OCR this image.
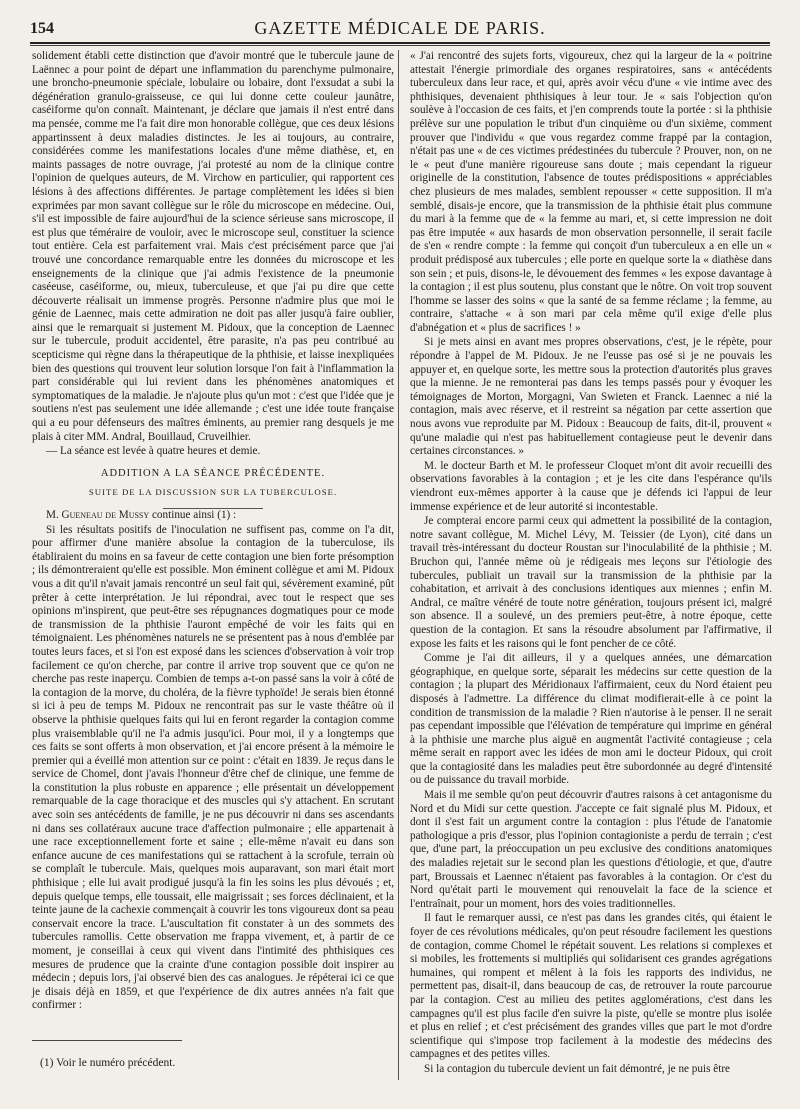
154	GAZETTE MÉDICALE DE PARIS.

solidement établi cette distinction que d'avoir montré que le tubercule jaune de Laënnec a pour point de départ une inflammation du parenchyme pulmonaire, une broncho-pneumonie spéciale, lobulaire ou lobaire, dont l'exsudat a subi la dégénération granulo-graisseuse, ce qui lui donne cette couleur jaunâtre, caséiforme qu'on connaît. Maintenant, je déclare que jamais il n'est entré dans ma pensée, comme me l'a fait dire mon honorable collègue, que ces deux lésions appartinssent à deux maladies distinctes. Je les ai toujours, au contraire, considérées comme les manifestations locales d'une même diathèse, et, en maints passages de notre ouvrage, j'ai protesté au nom de la clinique contre l'opinion de quelques auteurs, de M. Virchow en particulier, qui rapportent ces lésions à des affections différentes. Je partage complètement les idées si bien exprimées par mon savant collègue sur le rôle du microscope en médecine. Oui, s'il est impossible de faire aujourd'hui de la science sérieuse sans microscope, il est plus que téméraire de vouloir, avec le microscope seul, constituer la science tout entière. Cela est parfaitement vrai. Mais c'est précisément parce que j'ai trouvé une concordance remarquable entre les données du microscope et les enseignements de la clinique que j'ai admis l'existence de la pneumonie caséeuse, caséiforme, ou, mieux, tuberculeuse, et que j'ai pu dire que cette découverte réalisait un immense progrès. Personne n'admire plus que moi le génie de Laennec, mais cette admiration ne doit pas aller jusqu'à faire oublier, ainsi que le remarquait si justement M. Pidoux, que la conception de Laennec sur le tubercule, produit accidentel, être parasite, n'a pas peu contribué au scepticisme qui règne dans la thérapeutique de la phthisie, et laisse inexpliquées bien des questions qui trouvent leur solution lorsque l'on fait à l'inflammation la part considérable qui lui revient dans les phénomènes anatomiques et symptomatiques de la maladie. Je n'ajoute plus qu'un mot : c'est que l'idée que je soutiens n'est pas seulement une idée allemande ; c'est une idée toute française qui a eu pour défenseurs des maîtres éminents, au premier rang desquels je me plais à citer MM. Andral, Bouillaud, Cruveilhier.

— La séance est levée à quatre heures et demie.

ADDITION A LA SÉANCE PRÉCÉDENTE.
SUITE DE LA DISCUSSION SUR LA TUBERCULOSE.

M. Gueneau de Mussy continue ainsi (1) :

Si les résultats positifs de l'inoculation ne suffisent pas, comme on l'a dit, pour affirmer d'une manière absolue la contagion de la tuberculose, ils établiraient du moins en sa faveur de cette contagion une bien forte présomption ; ils démontreraient qu'elle est possible. Mon éminent collègue et ami M. Pidoux vous a dit qu'il n'avait jamais rencontré un seul fait qui, sévèrement examiné, pût prêter à cette interprétation. Je lui répondrai, avec tout le respect que ses opinions m'inspirent, que peut-être ses répugnances dogmatiques pour ce mode de transmission de la phthisie l'auront empêché de voir les faits qui en témoignaient. Les phénomènes naturels ne se présentent pas à nous d'emblée par toutes leurs faces, et si l'on est exposé dans les sciences d'observation à voir trop facilement ce qu'on cherche, par contre il arrive trop souvent que ce qu'on ne cherche pas reste inaperçu. Combien de temps a-t-on passé sans la voir à côté de la contagion de la morve, du choléra, de la fièvre typhoïde! Je serais bien étonné si ici à peu de temps M. Pidoux ne rencontrait pas sur le vaste théâtre où il observe la phthisie quelques faits qui lui en feront regarder la contagion comme plus vraisemblable qu'il ne l'a admis jusqu'ici. Pour moi, il y a longtemps que ces faits se sont offerts à mon observation, et j'ai encore présent à la mémoire le premier qui a éveillé mon attention sur ce point : c'était en 1839. Je reçus dans le service de Chomel, dont j'avais l'honneur d'être chef de clinique, une femme de la constitution la plus robuste en apparence ; elle présentait un développement remarquable de la cage thoracique et des muscles qui s'y attachent. En scrutant avec soin ses antécédents de famille, je ne pus découvrir ni dans ses ascendants ni dans ses collatéraux aucune trace d'affection pulmonaire ; elle appartenait à une race exceptionnellement forte et saine ; elle-même n'avait eu dans son enfance aucune de ces manifestations qui se rattachent à la scrofule, terrain où se complaît le tubercule. Mais, quelques mois auparavant, son mari était mort phthisique ; elle lui avait prodigué jusqu'à la fin les soins les plus dévoués ; et, depuis quelque temps, elle toussait, elle maigrissait ; ses forces déclinaient, et la teinte jaune de la cachexie commençait à couvrir les tons vigoureux dont sa peau conservait encore la trace. L'auscultation fit constater à un des sommets des tubercules ramollis. Cette observation me frappa vivement, et, à partir de ce moment, je conseillai à ceux qui vivent dans l'intimité des phthisiques ces mesures de prudence que la crainte d'une contagion possible doit inspirer au médecin ; depuis lors, j'ai observé bien des cas analogues. Je répéterai ici ce que je disais déjà en 1859, et que l'expérience de dix autres années n'a fait que confirmer :

« J'ai rencontré des sujets forts, vigoureux, chez qui la largeur de la « poitrine attestait l'énergie primordiale des organes respiratoires, sans « antécédents tuberculeux dans leur race, et qui, après avoir vécu d'une « vie intime avec des phthisiques, devenaient phthisiques à leur tour. Je « sais l'objection qu'on soulève à l'occasion de ces faits, et j'en comprends toute la portée : si la phthisie prélève sur une population le tribut d'un cinquième ou d'un sixième, comment prouver que l'individu « que vous regardez comme frappé par la contagion, n'était pas une « de ces victimes prédestinées du tubercule ? Prouver, non, on ne le « peut d'une manière rigoureuse sans doute ; mais cependant la rigueur originelle de la constitution, l'absence de toutes prédispositions « appréciables chez plusieurs de mes malades, semblent repousser « cette supposition. Il m'a semblé, disais-je encore, que la transmission de la phthisie était plus commune du mari à la femme que de « la femme au mari, et, si cette impression ne doit pas être imputée « aux hasards de mon observation personnelle, il serait facile de s'en « rendre compte : la femme qui conçoit d'un tuberculeux a en elle un « produit prédisposé aux tubercules ; elle porte en quelque sorte la « diathèse dans son sein ; et puis, disons-le, le dévouement des femmes « les expose davantage à la contagion ; il est plus soutenu, plus constant que le nôtre. On voit trop souvent l'homme se lasser des soins « que la santé de sa femme réclame ; la femme, au contraire, s'attache « à son mari par cela même qu'il exige d'elle plus d'abnégation et « plus de sacrifices ! »

Si je mets ainsi en avant mes propres observations, c'est, je le répète, pour répondre à l'appel de M. Pidoux. Je ne l'eusse pas osé si je ne pouvais les appuyer et, en quelque sorte, les mettre sous la protection d'autorités plus graves que la mienne. Je ne remonterai pas dans les temps passés pour y évoquer les témoignages de Morton, Morgagni, Van Swieten et Franck. Laennec a nié la contagion, mais avec réserve, et il restreint sa négation par cette assertion que nous avons vue reproduite par M. Pidoux : Beaucoup de faits, dit-il, prouvent « qu'une maladie qui n'est pas habituellement contagieuse peut le devenir dans certaines circonstances. »

M. le docteur Barth et M. le professeur Cloquet m'ont dit avoir recueilli des observations favorables à la contagion ; et je les cite dans l'espérance qu'ils viendront eux-mêmes apporter à la cause que je défends ici l'appui de leur immense expérience et de leur autorité si incontestable.

Je compterai encore parmi ceux qui admettent la possibilité de la contagion, notre savant collègue, M. Michel Lévy, M. Teissier (de Lyon), cité dans un travail très-intéressant du docteur Roustan sur l'inoculabilité de la phthisie ; M. Bruchon qui, l'année même où je rédigeais mes leçons sur l'étiologie des tubercules, publiait un travail sur la transmission de la phthisie par la cohabitation, et arrivait à des conclusions identiques aux miennes ; enfin M. Andral, ce maître vénéré de toute notre génération, toujours présent ici, malgré son absence. Il a soulevé, un des premiers peut-être, à notre époque, cette question de la contagion. Et sans la résoudre absolument par l'affirmative, il expose les faits et les raisons qui le font pencher de ce côté.

Comme je l'ai dit ailleurs, il y a quelques années, une démarcation géographique, en quelque sorte, séparait les médecins sur cette question de la contagion ; la plupart des Méridionaux l'affirmaient, ceux du Nord étaient peu disposés à l'admettre. La différence du climat modifierait-elle à ce point la condition de transmission de la maladie ? Rien n'autorise à le penser. Il ne serait pas cependant impossible que l'élévation de température qui imprime en général à la phthisie une marche plus aiguë en augmentât l'activité contagieuse ; cela même serait en rapport avec les idées de mon ami le docteur Pidoux, qui croit que la contagiosité dans les maladies peut être subordonnée au degré d'intensité ou de puissance du travail morbide.

Mais il me semble qu'on peut découvrir d'autres raisons à cet antagonisme du Nord et du Midi sur cette question. J'accepte ce fait signalé plus M. Pidoux, et dont il s'est fait un argument contre la contagion : plus l'étude de l'anatomie pathologique a pris d'essor, plus l'opinion contagioniste a perdu de terrain ; c'est que, d'une part, la préoccupation un peu exclusive des conditions anatomiques des maladies rejetait sur le second plan les questions d'étiologie, et que, d'autre part, Broussais et Laennec n'étaient pas favorables à la contagion. Or c'est du Nord qu'était parti le mouvement qui renouvelait la face de la science et l'entraînait, pour un moment, hors des voies traditionnelles.

Il faut le remarquer aussi, ce n'est pas dans les grandes cités, qui étaient le foyer de ces révolutions médicales, qu'on peut résoudre facilement les questions de contagion, comme Chomel le répétait souvent. Les relations si complexes et si mobiles, les frottements si multipliés qui solidarisent ces grandes agrégations humaines, qui rompent et mêlent à la fois les rapports des individus, ne permettent pas, disait-il, dans beaucoup de cas, de retrouver la route parcourue par la contagion. C'est au milieu des petites agglomérations, c'est dans les campagnes qu'il est plus facile d'en suivre la piste, qu'elle se montre plus isolée et plus en relief ; et c'est précisément des grandes villes que part le mot d'ordre scientifique qui s'impose trop facilement à la modestie des médecins des campagnes et des petites villes.

Si la contagion du tubercule devient un fait démontré, je ne puis être

(1) Voir le numéro précédent.
